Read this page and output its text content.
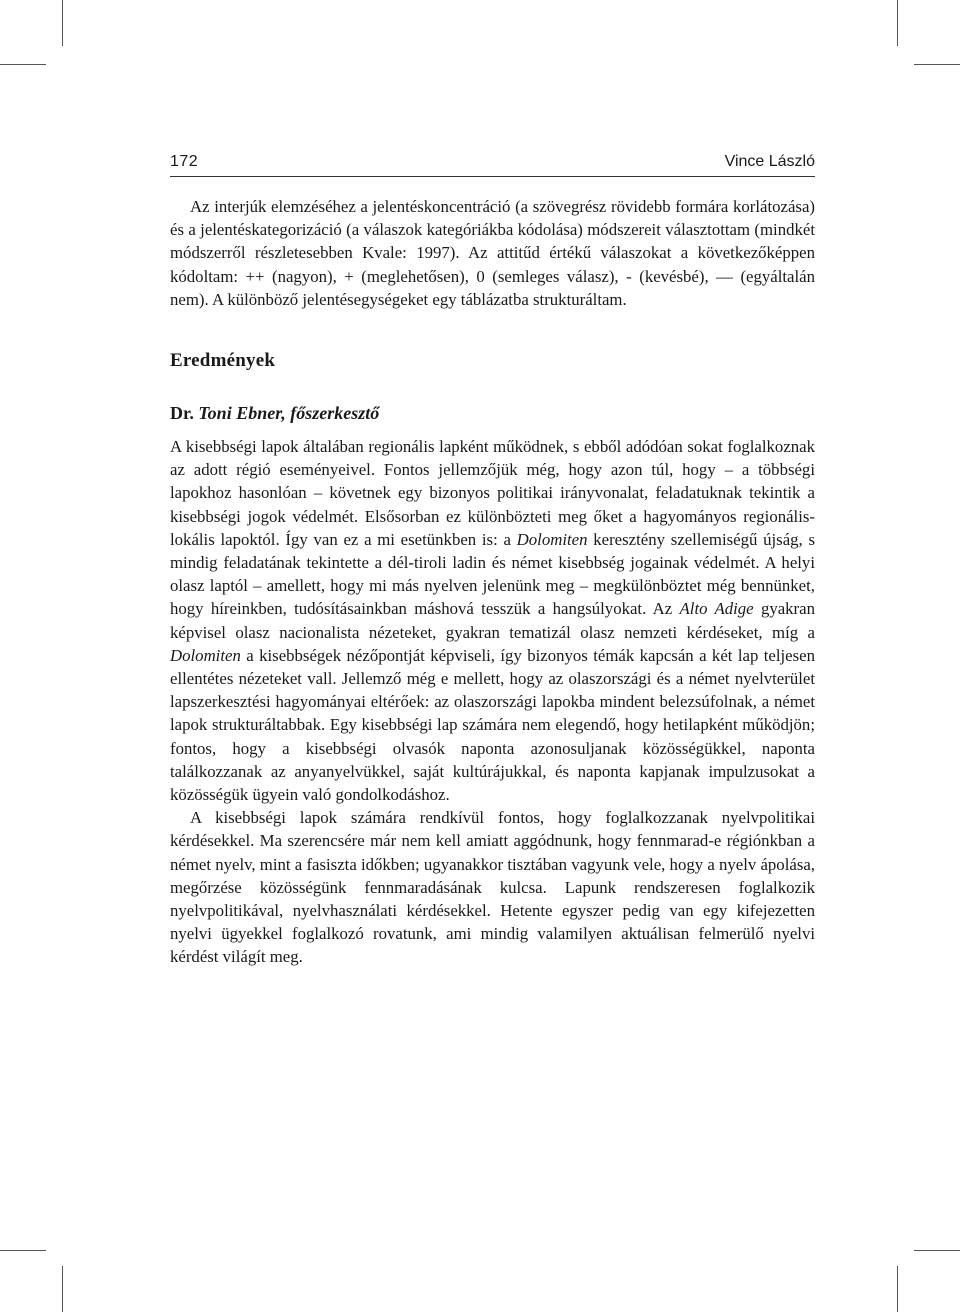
172	Vince László

Az interjúk elemzéséhez a jelentéskoncentráció (a szövegrész rövidebb formára korlátozása) és a jelentéskategorizáció (a válaszok kategóriákba kódolása) módszereit választottam (mindkét módszerről részletesebben Kvale: 1997). Az attitűd értékű válaszokat a következőképpen kódoltam: ++ (nagyon), + (meglehetősen), 0 (semleges válasz), - (kevésbé), –– (egyáltalán nem). A különböző jelentésegységeket egy táblázatba strukturáltam.

Eredmények
Dr. Toni Ebner, főszerkesztő

A kisebbségi lapok általában regionális lapként működnek, s ebből adódóan sokat foglalkoznak az adott régió eseményeivel. Fontos jellemzőjük még, hogy azon túl, hogy – a többségi lapokhoz hasonlóan – követnek egy bizonyos politikai irányvonalat, feladatuknak tekintik a kisebbségi jogok védelmét. Elsősorban ez különbözteti meg őket a hagyományos regionális-lokális lapoktól. Így van ez a mi esetünkben is: a Dolomiten keresztény szellemiségű újság, s mindig feladatának tekintette a dél-tiroli ladin és német kisebbség jogainak védelmét. A helyi olasz laptól – amellett, hogy mi más nyelven jelenünk meg – megkülönböztet még bennünket, hogy híreinkben, tudósításainkban máshová tesszük a hangsúlyokat. Az Alto Adige gyakran képvisel olasz nacionalista nézeteket, gyakran tematizál olasz nemzeti kérdéseket, míg a Dolomiten a kisebbségek nézőpontját képviseli, így bizonyos témák kapcsán a két lap teljesen ellentétes nézeteket vall. Jellemző még e mellett, hogy az olaszországi és a német nyelvterület lapszerkesztési hagyományai eltérőek: az olaszországi lapokba mindent belezsúfolnak, a német lapok strukturáltabbak. Egy kisebbségi lap számára nem elegendő, hogy hetilapként működjön; fontos, hogy a kisebbségi olvasók naponta azonosuljanak közösségükkel, naponta találkozzanak az anyanyelvükkel, saját kultúrájukkal, és naponta kapjanak impulzusokat a közösségük ügyein való gondolkodáshoz.

A kisebbségi lapok számára rendkívül fontos, hogy foglalkozzanak nyelvpolitikai kérdésekkel. Ma szerencsére már nem kell amiatt aggódnunk, hogy fennmarad-e régiónkban a német nyelv, mint a fasiszta időkben; ugyanakkor tisztában vagyunk vele, hogy a nyelv ápolása, megőrzése közösségünk fennmaradásának kulcsa. Lapunk rendszeresen foglalkozik nyelvpolitikával, nyelvhasználati kérdésekkel. Hetente egyszer pedig van egy kifejezetten nyelvi ügyekkel foglalkozó rovatunk, ami mindig valamilyen aktuálisan felmerülő nyelvi kérdést világít meg.
